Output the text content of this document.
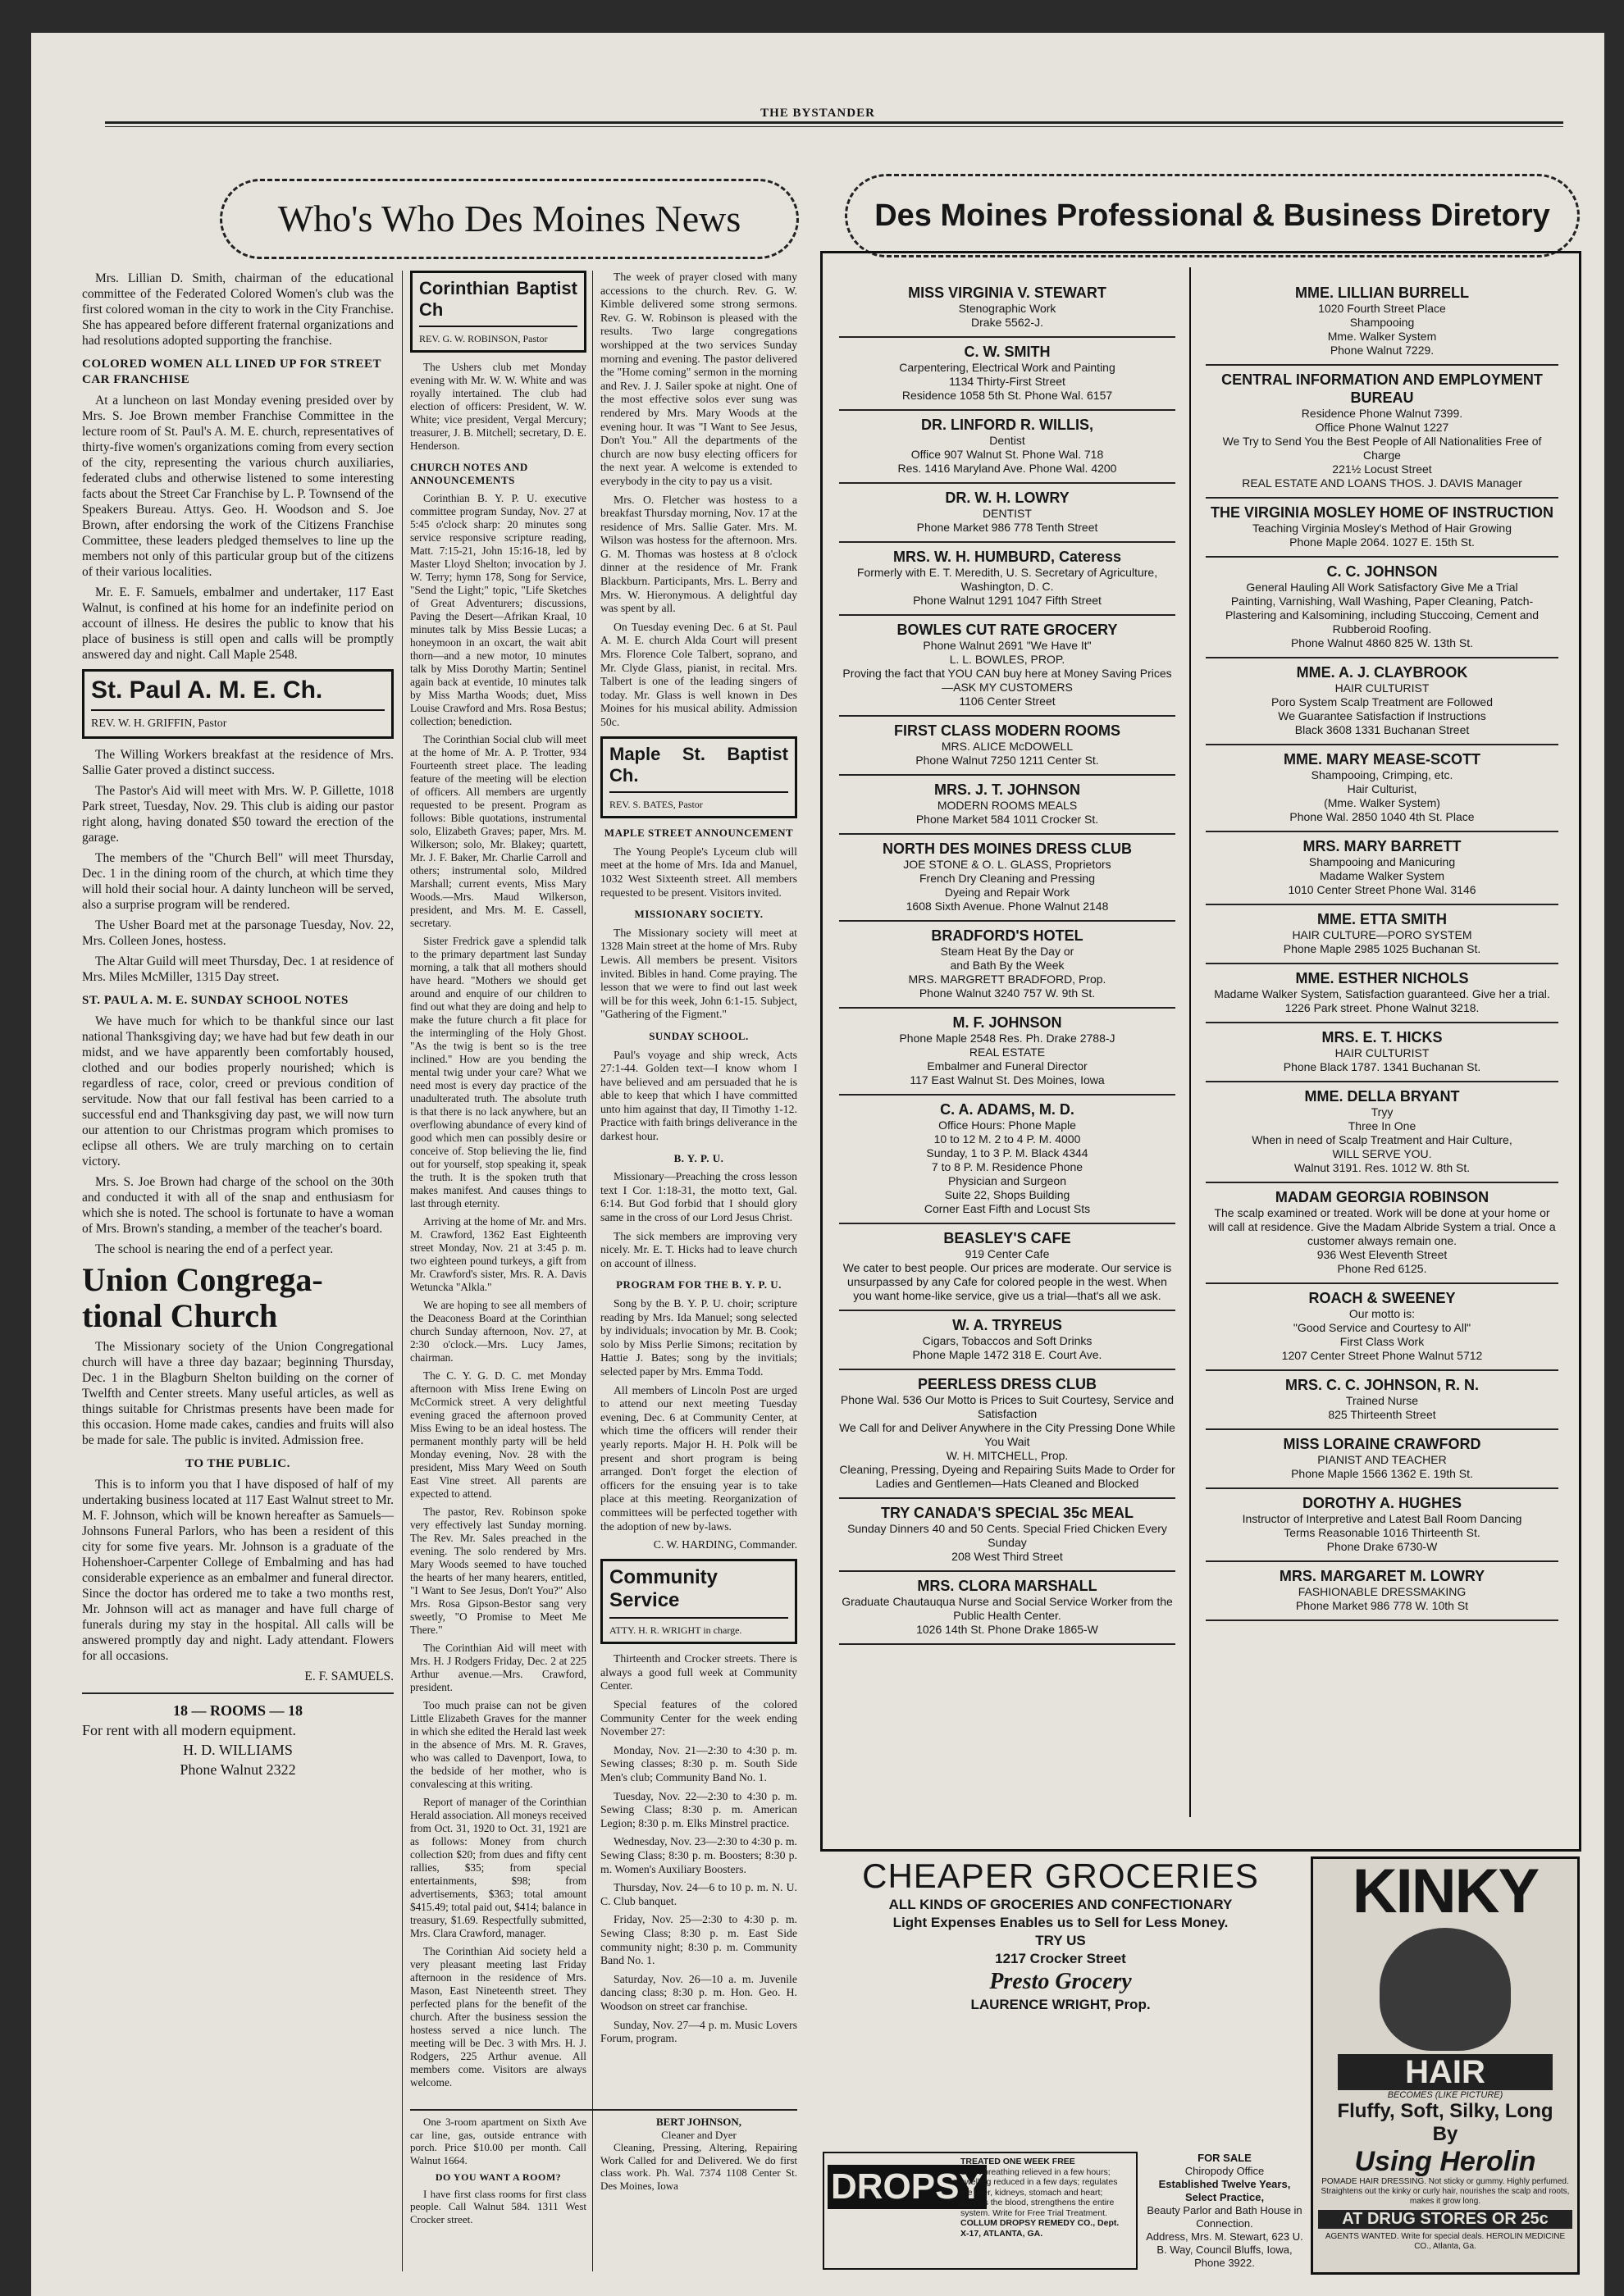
THE BYSTANDER
Who's Who Des Moines News	Des Moines Professional & Business Diretory

Mrs. Lillian D. Smith, chairman of the educational committee of the Federated Colored Women's club was the first colored woman in the city to work in the City Franchise. She has appeared before different fraternal organizations and had resolutions adopted supporting the franchise.

COLORED WOMEN ALL LINED UP FOR STREET CAR FRANCHISE

At a luncheon on last Monday evening presided over by Mrs. S. Joe Brown member Franchise Committee in the lecture room of St. Paul's A. M. E. church, representatives of thirty-five women's organizations coming from every section of the city, representing the various church auxiliaries, federated clubs and otherwise listened to some interesting facts about the Street Car Franchise by L. P. Townsend of the Speakers Bureau. Attys. Geo. H. Woodson and S. Joe Brown, after endorsing the work of the Citizens Franchise Committee, these leaders pledged themselves to line up the members not only of this particular group but of the citizens of their various localities.

Mr. E. F. Samuels, embalmer and undertaker, 117 East Walnut, is confined at his home for an indefinite period on account of illness. He desires the public to know that his place of business is still open and calls will be promptly answered day and night. Call Maple 2548.

St. Paul A. M. E. Ch.
REV. W. H. GRIFFIN, Pastor

The Willing Workers breakfast at the residence of Mrs. Sallie Gater proved a distinct success.

The Pastor's Aid will meet with Mrs. W. P. Gillette, 1018 Park street, Tuesday, Nov. 29. This club is aiding our pastor right along, having donated $50 toward the erection of the garage.

The members of the "Church Bell" will meet Thursday, Dec. 1 in the dining room of the church, at which time they will hold their social hour. A dainty luncheon will be served, also a surprise program will be rendered.

The Usher Board met at the parsonage Tuesday, Nov. 22, Mrs. Colleen Jones, hostess.

The Altar Guild will meet Thursday, Dec. 1 at residence of Mrs. Miles McMiller, 1315 Day street.

ST. PAUL A. M. E. SUNDAY SCHOOL NOTES

We have much for which to be thankful since our last national Thanksgiving day; we have had but few death in our midst, and we have apparently been comfortably housed, clothed and our bodies properly nourished; which is regardless of race, color, creed or previous condition of servitude. Now that our fall festival has been carried to a successful end and Thanksgiving day past, we will now turn our attention to our Christmas program which promises to eclipse all others. We are truly marching on to certain victory.

Mrs. S. Joe Brown had charge of the school on the 30th and conducted it with all of the snap and enthusiasm for which she is noted. The school is fortunate to have a woman of Mrs. Brown's standing, a member of the teacher's board.

The school is nearing the end of a perfect year.

Union Congrega-tional Church

The Missionary society of the Union Congregational church will have a three day bazaar; beginning Thursday, Dec. 1 in the Blagburn Shelton building on the corner of Twelfth and Center streets. Many useful articles, as well as things suitable for Christmas presents have been made for this occasion. Home made cakes, candies and fruits will also be made for sale. The public is invited. Admission free.

TO THE PUBLIC.

This is to inform you that I have disposed of half of my undertaking business located at 117 East Walnut street to Mr. M. F. Johnson, which will be known hereafter as Samuels—Johnsons Funeral Parlors, who has been a resident of this city for some five years. Mr. Johnson is a graduate of the Hohenshoer-Carpenter College of Embalming and has had considerable experience as an embalmer and funeral director. Since the doctor has ordered me to take a two months rest, Mr. Johnson will act as manager and have full charge of funerals during my stay in the hospital. All calls will be answered promptly day and night. Lady attendant. Flowers for all occasions.

E. F. SAMUELS.

18 — ROOMS — 18
For rent with all modern equipment.
H. D. WILLIAMS
Phone Walnut 2322
Corinthian Baptist Ch
REV. G. W. ROBINSON, Pastor

The Ushers club met Monday evening with Mr. W. W. White and was royally intertained. The club had election of officers: President, W. W. White; vice president, Vergal Mercury; treasurer, J. B. Mitchell; secretary, D. E. Henderson.

CHURCH NOTES AND ANNOUNCEMENTS

Corinthian B. Y. P. U. executive committee program Sunday, Nov. 27 at 5:45 o'clock sharp: 20 minutes song service responsive scripture reading, Matt. 7:15-21, John 15:16-18, led by Master Lloyd Shelton; invocation by J. W. Terry; hymn 178, Song for Service, "Send the Light;" topic, "Life Sketches of Great Adventurers; discussions, Paving the Desert—Afrikan Kraal, 10 minutes talk by Miss Bessie Lucas; a honeymoon in an oxcart, the wait abit thorn—and a new motor, 10 minutes talk by Miss Dorothy Martin; Sentinel again back at eventide, 10 minutes talk by Miss Martha Woods; duet, Miss Louise Crawford and Mrs. Rosa Bestus; collection; benediction.

The Corinthian Social club will meet at the home of Mr. A. P. Trotter, 934 Fourteenth street place. The leading feature of the meeting will be election of officers. All members are urgently requested to be present. Program as follows: Bible quotations, instrumental solo, Elizabeth Graves; paper, Mrs. M. Wilkerson; solo, Mr. Blakey; quartett, Mr. J. F. Baker, Mr. Charlie Carroll and others; instrumental solo, Mildred Marshall; current events, Miss Mary Woods.—Mrs. Maud Wilkerson, president, and Mrs. M. E. Cassell, secretary.

Sister Fredrick gave a splendid talk to the primary department last Sunday morning, a talk that all mothers should have heard. "Mothers we should get around and enquire of our children to find out what they are doing and help to make the future church a fit place for the intermingling of the Holy Ghost. "As the twig is bent so is the tree inclined." How are you bending the mental twig under your care? What we need most is every day practice of the unadulterated truth. The absolute truth is that there is no lack anywhere, but an overflowing abundance of every kind of good which men can possibly desire or conceive of. Stop believing the lie, find out for yourself, stop speaking it, speak the truth. It is the spoken truth that makes manifest. And causes things to last through eternity.

Arriving at the home of Mr. and Mrs. M. Crawford, 1362 East Eighteenth street Monday, Nov. 21 at 3:45 p. m. two eighteen pound turkeys, a gift from Mr. Crawford's sister, Mrs. R. A. Davis Wetuncka "Alkla."

We are hoping to see all members of the Deaconess Board at the Corinthian church Sunday afternoon, Nov. 27, at 2:30 o'clock.—Mrs. Lucy James, chairman.

The C. Y. G. D. C. met Monday afternoon with Miss Irene Ewing on McCormick street. A very delightful evening graced the afternoon proved Miss Ewing to be an ideal hostess. The permanent monthly party will be held Monday evening, Nov. 28 with the president, Miss Mary Weed on South East Vine street. All parents are expected to attend.

The pastor, Rev. Robinson spoke very effectively last Sunday morning. The Rev. Mr. Sales preached in the evening. The solo rendered by Mrs. Mary Woods seemed to have touched the hearts of her many hearers, entitled, "I Want to See Jesus, Don't You?" Also Mrs. Rosa Gipson-Bestor sang very sweetly, "O Promise to Meet Me There."

The Corinthian Aid will meet with Mrs. H. J Rodgers Friday, Dec. 2 at 225 Arthur avenue.—Mrs. Crawford, president.

Too much praise can not be given Little Elizabeth Graves for the manner in which she edited the Herald last week in the absence of Mrs. M. R. Graves, who was called to Davenport, Iowa, to the bedside of her mother, who is convalescing at this writing.

Report of manager of the Corinthian Herald association. All moneys received from Oct. 31, 1920 to Oct. 31, 1921 are as follows: Money from church collection $20; from dues and fifty cent rallies, $35; from special entertainments, $98; from advertisements, $363; total amount $415.49; total paid out, $414; balance in treasury, $1.69. Respectfully submitted, Mrs. Clara Crawford, manager.

The Corinthian Aid society held a very pleasant meeting last Friday afternoon in the residence of Mrs. Mason, East Nineteenth street. They perfected plans for the benefit of the church. After the business session the hostess served a nice lunch. The meeting will be Dec. 3 with Mrs. H. J. Rodgers, 225 Arthur avenue. All members come. Visitors are always welcome.

The week of prayer closed with many accessions to the church. Rev. G. W. Kimble delivered some strong sermons. Rev. G. W. Robinson is pleased with the results. Two large congregations worshipped at the two services Sunday morning and evening. The pastor delivered the "Home coming" sermon in the morning and Rev. J. J. Sailer spoke at night. One of the most effective solos ever sung was rendered by Mrs. Mary Woods at the evening hour. It was "I Want to See Jesus, Don't You." All the departments of the church are now busy electing officers for the next year. A welcome is extended to everybody in the city to pay us a visit.

Mrs. O. Fletcher was hostess to a breakfast Thursday morning, Nov. 17 at the residence of Mrs. Sallie Gater. Mrs. M. Wilson was hostess for the afternoon. Mrs. G. M. Thomas was hostess at 8 o'clock dinner at the residence of Mr. Frank Blackburn. Participants, Mrs. L. Berry and Mrs. W. Hieronymous. A delightful day was spent by all.

On Tuesday evening Dec. 6 at St. Paul A. M. E. church Alda Court will present Mrs. Florence Cole Talbert, soprano, and Mr. Clyde Glass, pianist, in recital. Mrs. Talbert is one of the leading singers of today. Mr. Glass is well known in Des Moines for his musical ability. Admission 50c.

Maple St. Baptist Ch.
REV. S. BATES, Pastor
MAPLE STREET ANNOUNCEMENT

The Young People's Lyceum club will meet at the home of Mrs. Ida and Manuel, 1032 West Sixteenth street. All members requested to be present. Visitors invited.

MISSIONARY SOCIETY.

The Missionary society will meet at 1328 Main street at the home of Mrs. Ruby Lewis. All members be present. Visitors invited. Bibles in hand. Come praying. The lesson that we were to find out last week will be for this week, John 6:1-15. Subject, "Gathering of the Figment."

SUNDAY SCHOOL.

Paul's voyage and ship wreck, Acts 27:1-44. Golden text—I know whom I have believed and am persuaded that he is able to keep that which I have committed unto him against that day, II Timothy 1-12. Practice with faith brings deliverance in the darkest hour.

B. Y. P. U.

Missionary—Preaching the cross lesson text I Cor. 1:18-31, the motto text, Gal. 6:14. But God forbid that I should glory same in the cross of our Lord Jesus Christ.

The sick members are improving very nicely. Mr. E. T. Hicks had to leave church on account of illness.

PROGRAM FOR THE B. Y. P. U.

Song by the B. Y. P. U. choir; scripture reading by Mrs. Ida Manuel; song selected by individuals; invocation by Mr. B. Cook; solo by Miss Perlie Simons; recitation by Hattie J. Bates; song by the invitials; selected paper by Mrs. Emma Todd.

All members of Lincoln Post are urged to attend our next meeting Tuesday evening, Dec. 6 at Community Center, at which time the officers will render their yearly reports. Major H. H. Polk will be present and short program is being arranged. Don't forget the election of officers for the ensuing year is to take place at this meeting. Reorganization of committees will be perfected together with the adoption of new by-laws.

C. W. HARDING, Commander.

Community Service
ATTY. H. R. WRIGHT in charge.

Thirteenth and Crocker streets. There is always a good full week at Community Center.

Special features of the colored Community Center for the week ending November 27:

Monday, Nov. 21—2:30 to 4:30 p. m. Sewing classes; 8:30 p. m. South Side Men's club; Community Band No. 1.

Tuesday, Nov. 22—2:30 to 4:30 p. m. Sewing Class; 8:30 p. m. American Legion; 8:30 p. m. Elks Minstrel practice.

Wednesday, Nov. 23—2:30 to 4:30 p. m. Sewing Class; 8:30 p. m. Boosters; 8:30 p. m. Women's Auxiliary Boosters.

Thursday, Nov. 24—6 to 10 p. m. N. U. C. Club banquet.

Friday, Nov. 25—2:30 to 4:30 p. m. Sewing Class; 8:30 p. m. East Side community night; 8:30 p. m. Community Band No. 1.

Saturday, Nov. 26—10 a. m. Juvenile dancing class; 8:30 p. m. Hon. Geo. H. Woodson on street car franchise.

Sunday, Nov. 27—4 p. m. Music Lovers Forum, program.

One 3-room apartment on Sixth Ave car line, gas, outside entrance with porch. Price $10.00 per month. Call Walnut 1664.

DO YOU WANT A ROOM?

I have first class rooms for first class people. Call Walnut 584. 1311 West Crocker street.

BERT JOHNSON,
Cleaner and Dyer

Cleaning, Pressing, Altering, Repairing Work Called for and Delivered. We do first class work. Ph. Wal. 7374 1108 Center St. Des Moines, Iowa

MISS VIRGINIA V. STEWART
Stenographic Work
Drake 5562-J.
C. W. SMITH
Carpentering, Electrical Work and Painting
1134 Thirty-First Street
Residence 1058 5th St. Phone Wal. 6157
DR. LINFORD R. WILLIS,
Dentist
Office 907 Walnut St. Phone Wal. 718
Res. 1416 Maryland Ave. Phone Wal. 4200
DR. W. H. LOWRY
DENTIST
Phone Market 986 778 Tenth Street
MRS. W. H. HUMBURD, Cateress
Formerly with E. T. Meredith, U. S. Secretary of Agriculture, Washington, D. C.
Phone Walnut 1291 1047 Fifth Street
BOWLES CUT RATE GROCERY
Phone Walnut 2691 "We Have It"
L. L. BOWLES, PROP.
Proving the fact that YOU CAN buy here at Money Saving Prices—ASK MY CUSTOMERS
1106 Center Street
FIRST CLASS MODERN ROOMS
MRS. ALICE McDOWELL
Phone Walnut 7250 1211 Center St.
MRS. J. T. JOHNSON
MODERN ROOMS MEALS
Phone Market 584 1011 Crocker St.
NORTH DES MOINES DRESS CLUB
JOE STONE & O. L. GLASS, Proprietors
French Dry Cleaning and Pressing
Dyeing and Repair Work
1608 Sixth Avenue. Phone Walnut 2148
BRADFORD'S HOTEL
Steam Heat By the Day or
and Bath By the Week
MRS. MARGRETT BRADFORD, Prop.
Phone Walnut 3240 757 W. 9th St.
M. F. JOHNSON
Phone Maple 2548 Res. Ph. Drake 2788-J
REAL ESTATE
Embalmer and Funeral Director
117 East Walnut St. Des Moines, Iowa
C. A. ADAMS, M. D.
Office Hours: Phone Maple
10 to 12 M. 2 to 4 P. M. 4000
Sunday, 1 to 3 P. M. Black 4344
7 to 8 P. M. Residence Phone
Physician and Surgeon
Suite 22, Shops Building
Corner East Fifth and Locust Sts
BEASLEY'S CAFE
919 Center Cafe
We cater to best people. Our prices are moderate. Our service is unsurpassed by any Cafe for colored people in the west. When you want home-like service, give us a trial—that's all we ask.
W. A. TRYREUS
Cigars, Tobaccos and Soft Drinks
Phone Maple 1472 318 E. Court Ave.
PEERLESS DRESS CLUB
Phone Wal. 536 Our Motto is Prices to Suit Courtesy, Service and Satisfaction
We Call for and Deliver Anywhere in the City Pressing Done While You Wait
W. H. MITCHELL, Prop.
Cleaning, Pressing, Dyeing and Repairing Suits Made to Order for Ladies and Gentlemen—Hats Cleaned and Blocked
TRY CANADA'S SPECIAL 35c MEAL
Sunday Dinners 40 and 50 Cents. Special Fried Chicken Every Sunday
208 West Third Street
MRS. CLORA MARSHALL
Graduate Chautauqua Nurse and Social Service Worker from the Public Health Center.
1026 14th St. Phone Drake 1865-W
MME. LILLIAN BURRELL
1020 Fourth Street Place
Shampooing
Mme. Walker System
Phone Walnut 7229.
CENTRAL INFORMATION AND EMPLOYMENT BUREAU
Residence Phone Walnut 7399.
Office Phone Walnut 1227
We Try to Send You the Best People of All Nationalities Free of Charge
221½ Locust Street
REAL ESTATE AND LOANS THOS. J. DAVIS Manager
THE VIRGINIA MOSLEY HOME OF INSTRUCTION
Teaching Virginia Mosley's Method of Hair Growing
Phone Maple 2064. 1027 E. 15th St.
C. C. JOHNSON
General Hauling All Work Satisfactory Give Me a Trial
Painting, Varnishing, Wall Washing, Paper Cleaning, Patch-Plastering and Kalsomining, including Stuccoing, Cement and Rubberoid Roofing.
Phone Walnut 4860 825 W. 13th St.
MME. A. J. CLAYBROOK
HAIR CULTURIST
Poro System Scalp Treatment are Followed
We Guarantee Satisfaction if Instructions
Black 3608 1331 Buchanan Street
MME. MARY MEASE-SCOTT
Shampooing, Crimping, etc.
Hair Culturist,
(Mme. Walker System)
Phone Wal. 2850 1040 4th St. Place
MRS. MARY BARRETT
Shampooing and Manicuring
Madame Walker System
1010 Center Street Phone Wal. 3146
MME. ETTA SMITH
HAIR CULTURE—PORO SYSTEM
Phone Maple 2985 1025 Buchanan St.
MME. ESTHER NICHOLS
Madame Walker System, Satisfaction guaranteed. Give her a trial. 1226 Park street. Phone Walnut 3218.
MRS. E. T. HICKS
HAIR CULTURIST
Phone Black 1787. 1341 Buchanan St.
MME. DELLA BRYANT
Tryy
Three In One
When in need of Scalp Treatment and Hair Culture,
WILL SERVE YOU.
Walnut 3191. Res. 1012 W. 8th St.
MADAM GEORGIA ROBINSON
The scalp examined or treated. Work will be done at your home or will call at residence. Give the Madam Albride System a trial. Once a customer always remain one.
936 West Eleventh Street
Phone Red 6125.
ROACH & SWEENEY
Our motto is:
"Good Service and Courtesy to All"
First Class Work
1207 Center Street Phone Walnut 5712
MRS. C. C. JOHNSON, R. N.
Trained Nurse
825 Thirteenth Street
MISS LORAINE CRAWFORD
PIANIST AND TEACHER
Phone Maple 1566 1362 E. 19th St.
DOROTHY A. HUGHES
Instructor of Interpretive and Latest Ball Room Dancing
Terms Reasonable 1016 Thirteenth St.
Phone Drake 6730-W
MRS. MARGARET M. LOWRY
FASHIONABLE DRESSMAKING
Phone Market 986 778 W. 10th St
CHEAPER GROCERIES
ALL KINDS OF GROCERIES AND CONFECTIONARY
Light Expenses Enables us to Sell for Less Money.
TRY US
1217 Crocker Street
Presto Grocery
LAURENCE WRIGHT, Prop.
KINKY
HAIR
BECOMES (LIKE PICTURE)
Fluffy, Soft, Silky, Long
By
Using Herolin
POMADE HAIR DRESSING. Not sticky or gummy. Highly perfumed. Straightens out the kinky or curly hair, nourishes the scalp and roots, makes it grow long.
AT DRUG STORES OR 25c
AGENTS WANTED. Write for special deals. HEROLIN MEDICINE CO., Atlanta, Ga.
DROPSY
TREATED ONE WEEK FREE
Short breathing relieved in a few hours; swelling reduced in a few days; regulates the liver, kidneys, stomach and heart; purifies the blood, strengthens the entire system. Write for Free Trial Treatment.
COLLUM DROPSY REMEDY CO., Dept. X-17, ATLANTA, GA.
FOR SALE
Chiropody Office
Established Twelve Years,
Select Practice,
Beauty Parlor and Bath House in Connection.
Address, Mrs. M. Stewart, 623 U. B. Way, Council Bluffs, Iowa, Phone 3922.
